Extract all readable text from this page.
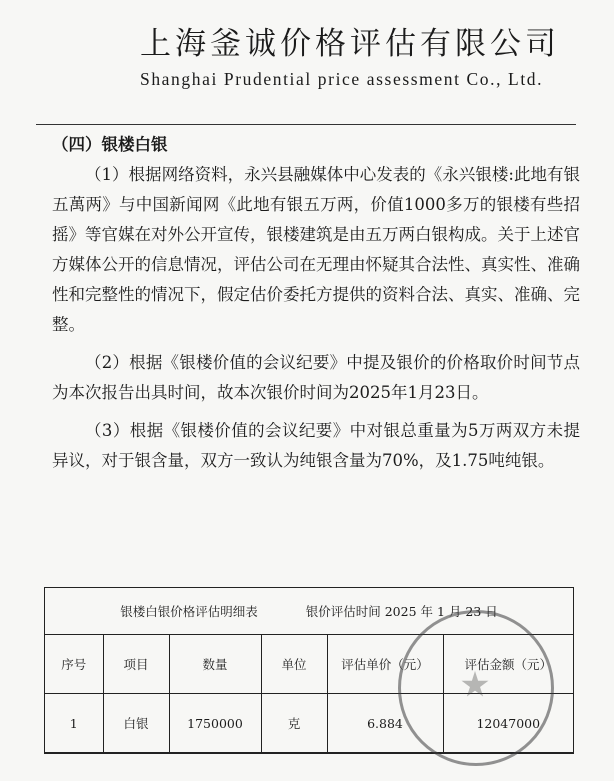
上海釜诚价格评估有限公司
Shanghai Prudential price assessment Co., Ltd.
（四）银楼白银

（1）根据网络资料，永兴县融媒体中心发表的《永兴银楼:此地有银五萬两》与中国新闻网《此地有银五万两，价值1000多万的银楼有些招摇》等官媒在对外公开宣传，银楼建筑是由五万两白银构成。关于上述官方媒体公开的信息情况，评估公司在无理由怀疑其合法性、真实性、准确性和完整性的情况下，假定估价委托方提供的资料合法、真实、准确、完整。

（2）根据《银楼价值的会议纪要》中提及银价的价格取价时间节点为本次报告出具时间，故本次银价时间为2025年1月23日。

（3）根据《银楼价值的会议纪要》中对银总重量为5万两双方未提异议，对于银含量，双方一致认为纯银含量为70%，及1.75吨纯银。

银楼白银价格评估明细表	银价评估时间 2025 年 1 月 23 日
序号	项目	数量	单位	评估单价（元）	评估金额（元）
1	白银	1750000	克	6.884	12047000
